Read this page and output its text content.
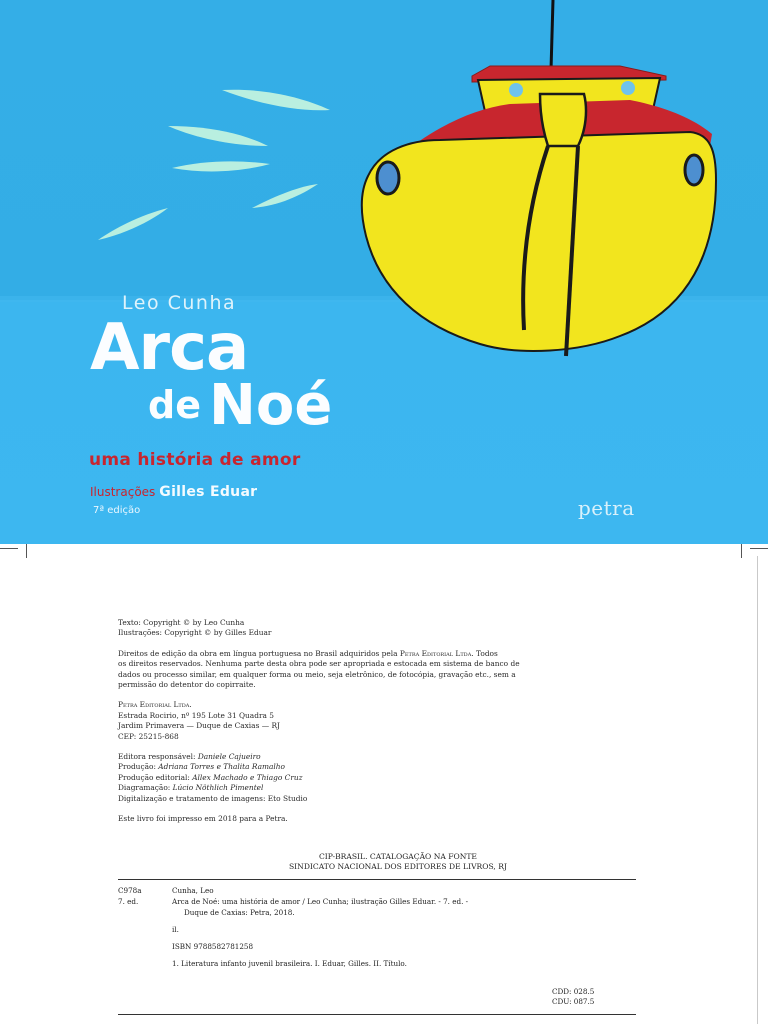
Leo Cunha
Arca
de Noé
uma história de amor
Ilustrações Gilles Eduar
7ª edição	petra

Texto: Copyright © by Leo Cunha

Ilustrações: Copyright © by Gilles Eduar

Direitos de edição da obra em língua portuguesa no Brasil adquiridos pela Petra Editorial Ltda. Todos
os direitos reservados. Nenhuma parte desta obra pode ser apropriada e estocada em sistema de banco de
dados ou processo similar, em qualquer forma ou meio, seja eletrônico, de fotocópia, gravação etc., sem a
permissão do detentor do copirraite.

Petra Editorial Ltda.

Estrada Rocirio, nº 195 Lote 31 Quadra 5

Jardim Primavera — Duque de Caxias — RJ

CEP: 25215-868

Editora responsável: Daniele Cajueiro

Produção: Adriana Torres e Thalita Ramalho

Produção editorial: Allex Machado e Thiago Cruz

Diagramação: Lúcio Nöthlich Pimentel

Digitalização e tratamento de imagens: Eto Studio

Este livro foi impresso em 2018 para a Petra.

CIP-BRASIL. CATALOGAÇÃO NA FONTE
SINDICATO NACIONAL DOS EDITORES DE LIVROS, RJ
C978a
7. ed.

Cunha, Leo

Arca de Noé: uma história de amor / Leo Cunha; ilustração Gilles Eduar. - 7. ed. -

Duque de Caxias: Petra, 2018.

il.

ISBN 9788582781258

1. Literatura infanto juvenil brasileira. I. Eduar, Gilles. II. Título.

CDD: 028.5
CDU: 087.5
